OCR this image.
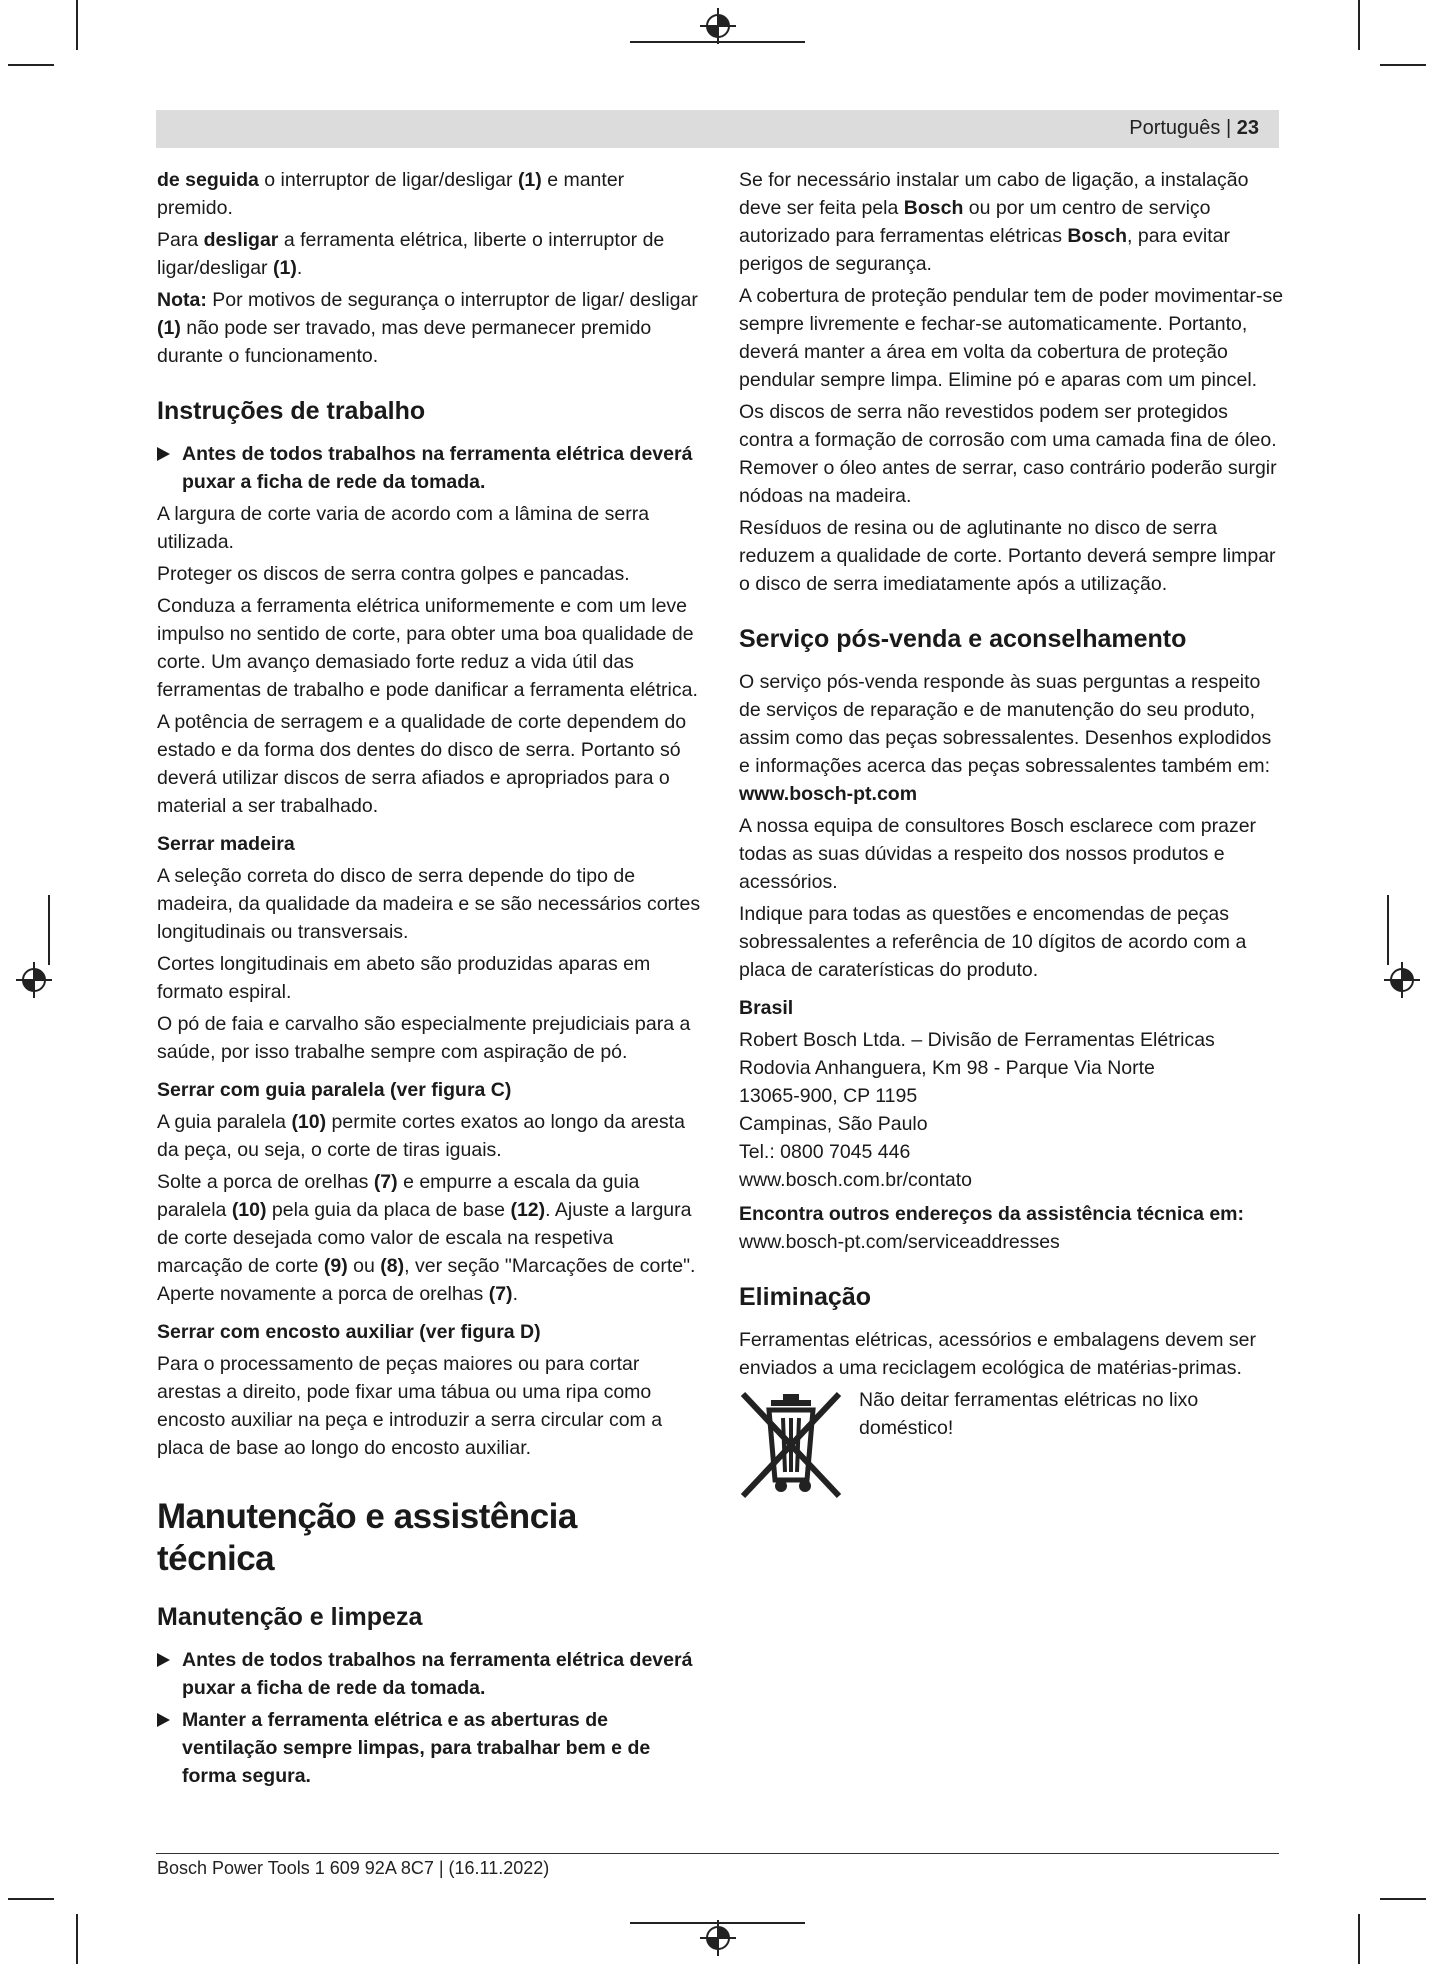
Português | 23

de seguida o interruptor de ligar/desligar (1) e manter premido.

Para desligar a ferramenta elétrica, liberte o interruptor de ligar/desligar (1).

Nota: Por motivos de segurança o interruptor de ligar/ desligar (1) não pode ser travado, mas deve permanecer premido durante o funcionamento.

Instruções de trabalho
Antes de todos trabalhos na ferramenta elétrica deverá puxar a ficha de rede da tomada.

A largura de corte varia de acordo com a lâmina de serra utilizada.

Proteger os discos de serra contra golpes e pancadas.

Conduza a ferramenta elétrica uniformemente e com um leve impulso no sentido de corte, para obter uma boa qualidade de corte. Um avanço demasiado forte reduz a vida útil das ferramentas de trabalho e pode danificar a ferramenta elétrica.

A potência de serragem e a qualidade de corte dependem do estado e da forma dos dentes do disco de serra. Portanto só deverá utilizar discos de serra afiados e apropriados para o material a ser trabalhado.

Serrar madeira

A seleção correta do disco de serra depende do tipo de madeira, da qualidade da madeira e se são necessários cortes longitudinais ou transversais.

Cortes longitudinais em abeto são produzidas aparas em formato espiral.

O pó de faia e carvalho são especialmente prejudiciais para a saúde, por isso trabalhe sempre com aspiração de pó.

Serrar com guia paralela (ver figura C)

A guia paralela (10) permite cortes exatos ao longo da aresta da peça, ou seja, o corte de tiras iguais.

Solte a porca de orelhas (7) e empurre a escala da guia paralela (10) pela guia da placa de base (12). Ajuste a largura de corte desejada como valor de escala na respetiva marcação de corte (9) ou (8), ver seção "Marcações de corte". Aperte novamente a porca de orelhas (7).

Serrar com encosto auxiliar (ver figura D)

Para o processamento de peças maiores ou para cortar arestas a direito, pode fixar uma tábua ou uma ripa como encosto auxiliar na peça e introduzir a serra circular com a placa de base ao longo do encosto auxiliar.

Manutenção e assistência técnica
Manutenção e limpeza
Antes de todos trabalhos na ferramenta elétrica deverá puxar a ficha de rede da tomada.
Manter a ferramenta elétrica e as aberturas de ventilação sempre limpas, para trabalhar bem e de forma segura.

Se for necessário instalar um cabo de ligação, a instalação deve ser feita pela Bosch ou por um centro de serviço autorizado para ferramentas elétricas Bosch, para evitar perigos de segurança.

A cobertura de proteção pendular tem de poder movimentar-se sempre livremente e fechar-se automaticamente. Portanto, deverá manter a área em volta da cobertura de proteção pendular sempre limpa. Elimine pó e aparas com um pincel.

Os discos de serra não revestidos podem ser protegidos contra a formação de corrosão com uma camada fina de óleo. Remover o óleo antes de serrar, caso contrário poderão surgir nódoas na madeira.

Resíduos de resina ou de aglutinante no disco de serra reduzem a qualidade de corte. Portanto deverá sempre limpar o disco de serra imediatamente após a utilização.

Serviço pós-venda e aconselhamento

O serviço pós-venda responde às suas perguntas a respeito de serviços de reparação e de manutenção do seu produto, assim como das peças sobressalentes. Desenhos explodidos e informações acerca das peças sobressalentes também em:
www.bosch-pt.com

A nossa equipa de consultores Bosch esclarece com prazer todas as suas dúvidas a respeito dos nossos produtos e acessórios.

Indique para todas as questões e encomendas de peças sobressalentes a referência de 10 dígitos de acordo com a placa de caraterísticas do produto.

Brasil

Robert Bosch Ltda. – Divisão de Ferramentas Elétricas
Rodovia Anhanguera, Km 98 - Parque Via Norte
13065-900, CP 1195
Campinas, São Paulo
Tel.: 0800 7045 446
www.bosch.com.br/contato

Encontra outros endereços da assistência técnica em:
www.bosch-pt.com/serviceaddresses

Eliminação

Ferramentas elétricas, acessórios e embalagens devem ser enviados a uma reciclagem ecológica de matérias-primas.

Não deitar ferramentas elétricas no lixo doméstico!
Bosch Power Tools 1 609 92A 8C7 | (16.11.2022)
